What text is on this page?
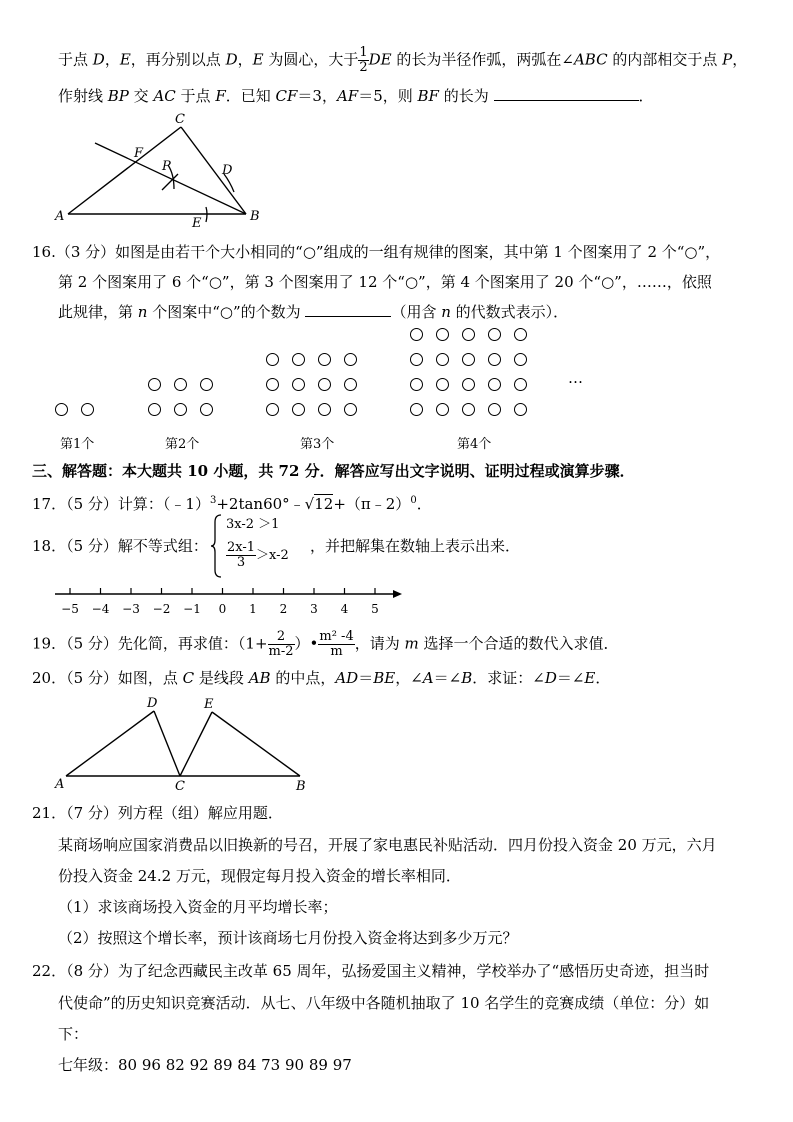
于点 D，E，再分别以点 D，E 为圆心，大于 $\frac{1}{2}$ DE 的长为半径作弧，两弧在∠ABC 的内部相交于点 P，
作射线 BP 交 AC 于点 F．已知 CF＝3，AF＝5，则 BF 的长为	．
C
F
P	D
A	E	B
16.（3 分）如图是由若干个大小相同的“○”组成的一组有规律的图案，其中第 1 个图案用了 2 个“○”，
第 2 个图案用了 6 个“○”，第 3 个图案用了 12 个“○”，第 4 个图案用了 20 个“○”，……，依照
此规律，第 n 个图案中“○”的个数为	（用含 n 的代数式表示）．
…
第1个	第2个	第3个	第4个
三、解答题：本大题共 10 小题，共 72 分．解答应写出文字说明、证明过程或演算步骤．
17．（5 分）计算：（﹣1）$^3$+2tan60°﹣√12+（π﹣2）$^0$．
18．（5 分）解不等式组：
3x-2 ＞1
$\frac{2x-1}{3} >x-2$
，并把解集在数轴上表示出来．
−5 −4 −3 −2 −1 0 1 2 3 4 5
19．（5 分）先化简，再求值：（$1+ \frac{2}{m-2}$ ）• $\frac{\text{m² -4}}{m}$ ，请为 m 选择一个合适的数代入求值．
20．（5 分）如图，点 C 是线段 AB 的中点，AD＝BE，∠A＝∠B．求证：∠D＝∠E．
D	E
A	C	B
21．（7 分）列方程（组）解应用题．
某商场响应国家消费品以旧换新的号召，开展了家电惠民补贴活动．四月份投入资金 20 万元，六月
份投入资金 24.2 万元，现假定每月投入资金的增长率相同．
（1）求该商场投入资金的月平均增长率；
（2）按照这个增长率，预计该商场七月份投入资金将达到多少万元？
22．（8 分）为了纪念西藏民主改革 65 周年，弘扬爱国主义精神，学校举办了“感悟历史奇迹，担当时
代使命”的历史知识竞赛活动．从七、八年级中各随机抽取了 10 名学生的竞赛成绩（单位：分）如
下：
七年级：80 96 82 92 89 84 73 90 89 97
